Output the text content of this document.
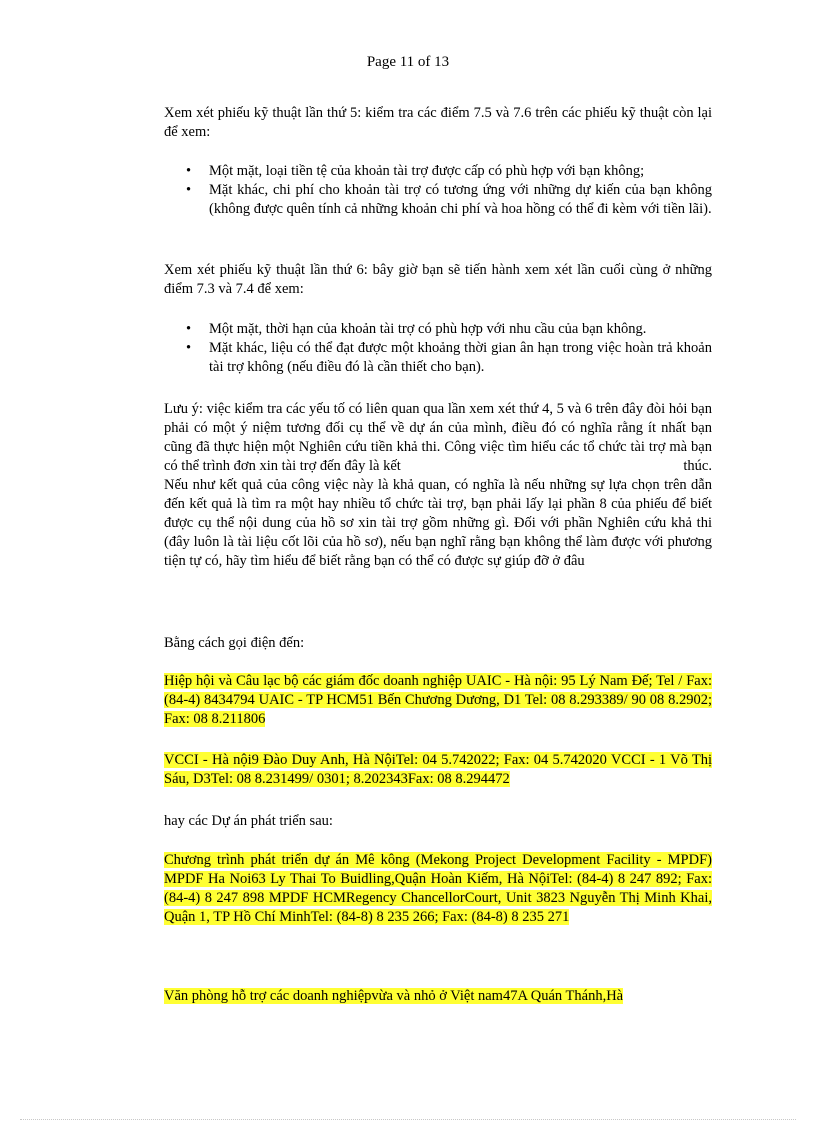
Page 11 of 13
Xem xét phiếu kỹ thuật lần thứ 5: kiểm tra các điểm 7.5 và 7.6 trên các phiếu kỹ thuật còn lại để xem:
• Một mặt, loại tiền tệ của khoản tài trợ được cấp có phù hợp với bạn không;
• Mặt khác, chi phí cho khoản tài trợ có tương ứng với những dự kiến của bạn không (không được quên tính cả những khoản chi phí và hoa hồng có thể đi kèm với tiền lãi).
Xem xét phiếu kỹ thuật lần thứ 6: bây giờ bạn sẽ tiến hành xem xét lần cuối cùng ở những điểm 7.3 và 7.4 để xem:
• Một mặt, thời hạn của khoản tài trợ có phù hợp với nhu cầu của bạn không.
• Mặt khác, liệu có thể đạt được một khoảng thời gian ân hạn trong việc hoàn trả khoản tài trợ không (nếu điều đó là cần thiết cho bạn).
Lưu ý: việc kiểm tra các yếu tố có liên quan qua lần xem xét thứ 4, 5 và 6 trên đây đòi hỏi bạn phải có một ý niệm tương đối cụ thể về dự án của mình, điều đó có nghĩa rằng ít nhất bạn cũng đã thực hiện một Nghiên cứu tiền khả thi. Công việc tìm hiểu các tổ chức tài trợ mà bạn có thể trình đơn xin tài trợ đến đây là kết	thúc.
Nếu như kết quả của công việc này là khả quan, có nghĩa là nếu những sự lựa chọn trên dẫn đến kết quả là tìm ra một hay nhiều tổ chức tài trợ, bạn phải lấy lại phần 8 của phiếu để biết được cụ thể nội dung của hồ sơ xin tài trợ gồm những gì. Đối với phần Nghiên cứu khả thi (đây luôn là tài liệu cốt lõi của hồ sơ), nếu bạn nghĩ rằng bạn không thể làm được với phương tiện tự có, hãy tìm hiểu để biết rằng bạn có thể có được sự giúp đỡ ở đâu
Bằng cách gọi điện đến:
Hiệp hội và Câu lạc bộ các giám đốc doanh nghiệp UAIC - Hà nội: 95 Lý Nam Đế; Tel / Fax: (84-4) 8434794 UAIC - TP HCM51 Bến Chương Dương, D1 Tel: 08 8.293389/ 90 08 8.2902; Fax: 08 8.211806
VCCI - Hà nội9 Đào Duy Anh, Hà NộiTel: 04 5.742022; Fax: 04 5.742020 VCCI - 1 Võ Thị Sáu, D3Tel: 08 8.231499/ 0301; 8.202343Fax: 08 8.294472
hay các Dự án phát triển sau:
Chương trình phát triển dự án Mê kông (Mekong Project Development Facility - MPDF) MPDF Ha Noi63 Ly Thai To Buidling,Quận Hoàn Kiếm, Hà NộiTel: (84-4) 8 247 892; Fax: (84-4) 8 247 898 MPDF HCMRegency ChancellorCourt, Unit 3823 Nguyễn Thị Minh Khai, Quận 1, TP Hồ Chí MinhTel: (84-8) 8 235 266; Fax: (84-8) 8 235 271
Văn phòng hỗ trợ các doanh nghiệpvừa và nhỏ ở Việt nam47A Quán Thánh,Hà
